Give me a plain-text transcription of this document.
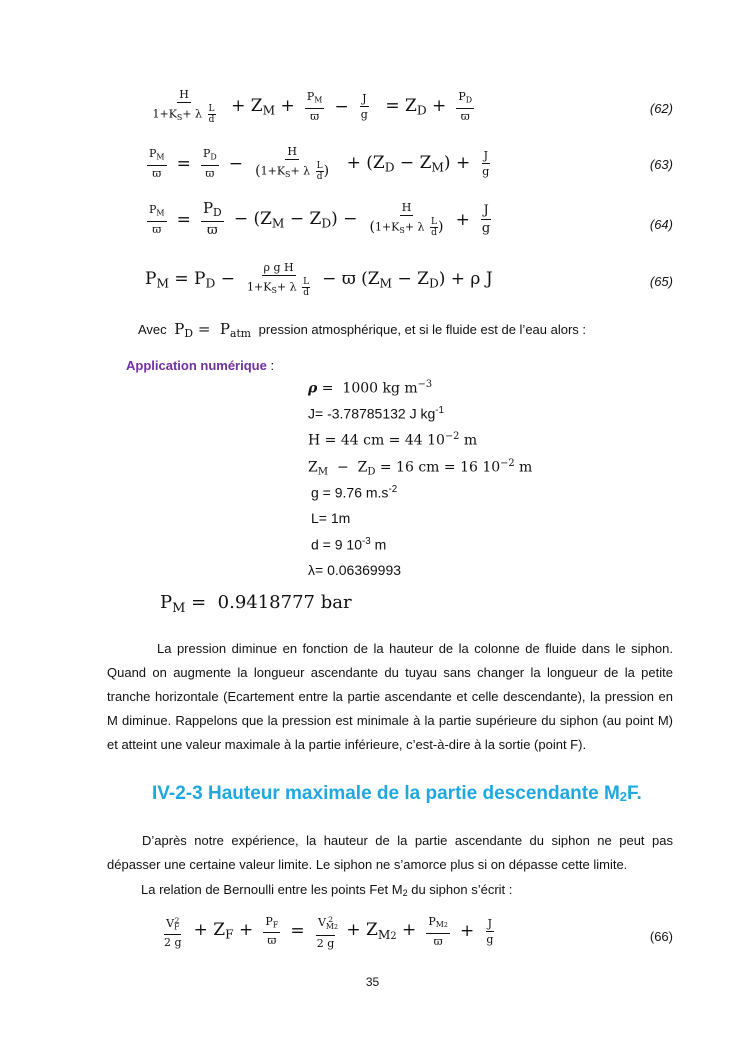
$\frac{H}{1+K_S+ \lambda \frac{L}{d}} + Z_M + \frac{P_M}{ϖ} - \frac{J}{g} = Z_D + \frac{P_D}{ϖ}$	(62)
$\frac{P_M}{ϖ} = \frac{P_D}{ϖ} - \frac{H}{(1+K_S+ \lambda \frac{L}{d} )} + (Z_D - Z_M) + \frac{J}{g}$	(63)
$\frac{P_M}{ϖ} = \frac{P_D}{ϖ} - (Z_M - Z_D) - \frac{H}{(1+K_S+ \lambda \frac{L}{d} )} + \frac{J}{g}$	(64)
$P_M = P_D - \frac{\text{ρ g H}}{1+K_S+ \lambda \frac{L}{d}} - ϖ$ $(Z_M - Z_D) + \rho$ J	(65)
Avec $P_D = P_{atm}$ pression atmosphérique, et si le fluide est de l’eau alors :
Application numérique :
ρ =  1000 kg $m^{-3}$
J= -3.78785132 J $kg^{-1}$
H = 44 cm = 44 $10^{-2}$ m
$Z_M - Z_D = 16$ cm = 16 $10^{-2}$ m
g = 9.76 $m.s^{-2}$
L= 1m
d = 9 $10^{-3}$ m
λ= 0.06369993
$P_M = 0.9418777$ bar
La pression diminue en fonction de la hauteur de la colonne de fluide dans le siphon. Quand on augmente la longueur ascendante du tuyau sans changer la longueur de la petite tranche horizontale (Ecartement entre la partie ascendante et celle descendante), la pression en M diminue. Rappelons que la pression est minimale à la partie supérieure du siphon (au point M) et atteint une valeur maximale à la partie inférieure, c’est-à-dire à la sortie (point F).
IV-2-3 Hauteur maximale de la partie descendante M2F.
D’après notre expérience, la hauteur de la partie ascendante du siphon ne peut pas dépasser une certaine valeur limite. Le siphon ne s’amorce plus si on dépasse cette limite.
La relation de Bernoulli entre les points Fet M2 du siphon s’écrit :
$\frac{V_F^2}{2 g} + Z_F + \frac{P_F}{ϖ} = \frac{V_{M2}^2}{2 g} + Z_{M2} + \frac{P_{M2}}{ϖ} + \frac{J}{g}$	(66)
35
